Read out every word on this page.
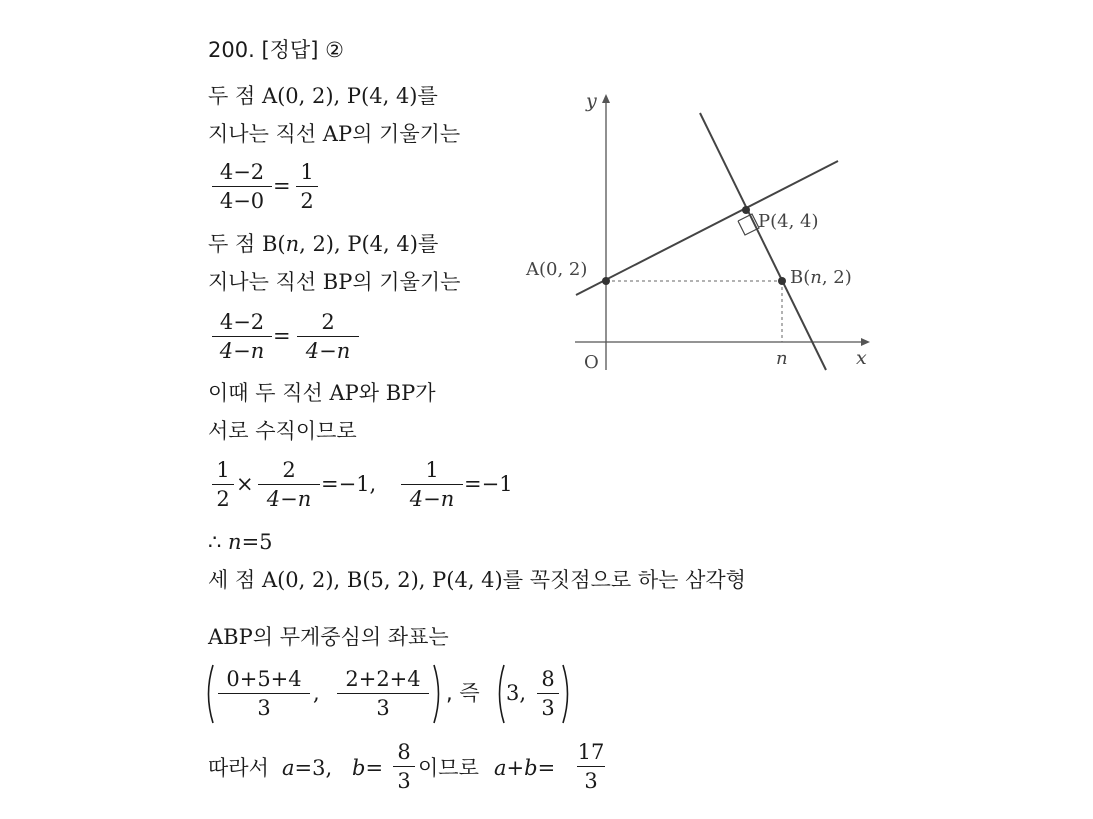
200. [정답] ②
두 점 A(0, 2), P(4, 4)를
지나는 직선 AP의 기울기는
4−2
4−0
=
1
2
두 점 B(n, 2), P(4, 4)를
지나는 직선 BP의 기울기는
4−2
4−n
=
2
4−n
이때 두 직선 AP와 BP가
서로 수직이므로
1
2
×
2
4−n
=−1,
1
4−n
=−1
∴ n=5
세 점 A(0, 2), B(5, 2), P(4, 4)를 꼭짓점으로 하는 삼각형
ABP의 무게중심의 좌표는
0+5+4
3
,
2+2+4
3
, 즉 3,
8
3
따라서 a=3, b=
8
3
이므로 a+b=
17
3
y
x
O	n
A(0, 2)
P(4, 4)
B(n, 2)
